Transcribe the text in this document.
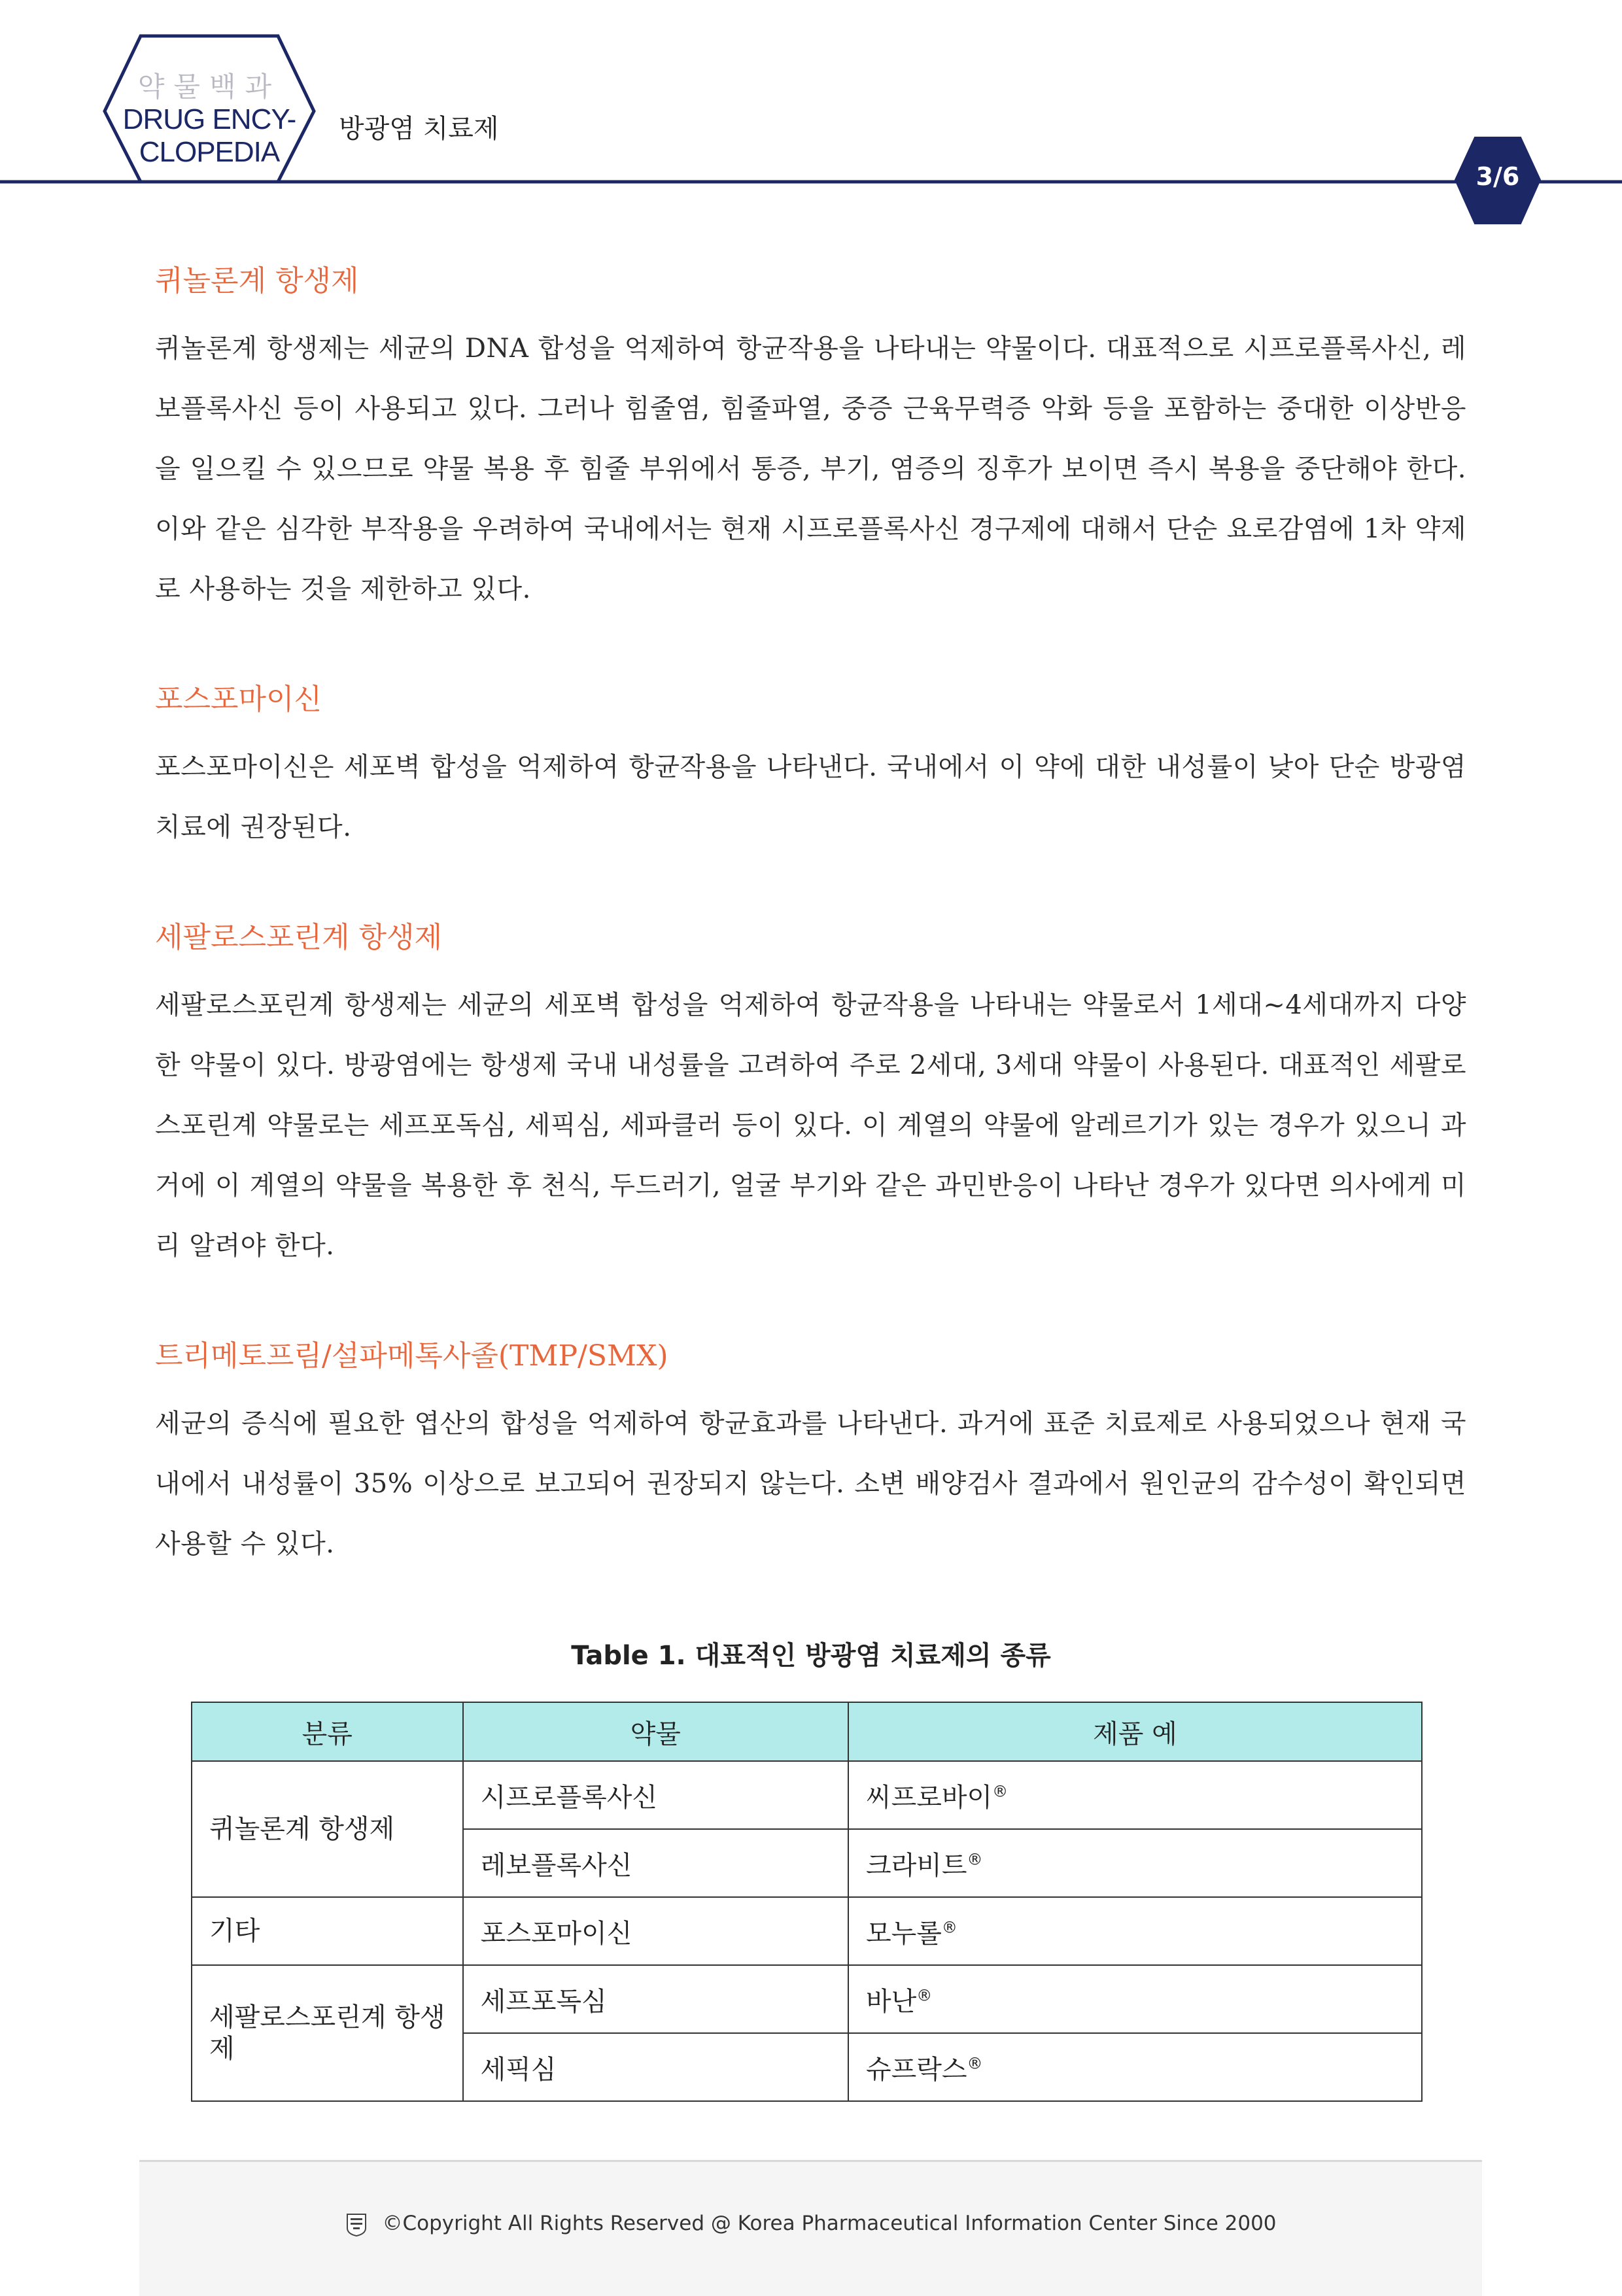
약물백과
DRUG ENCY-
CLOPEDIA
방광염 치료제
3/6
퀴놀론계 항생제

퀴놀론계 항생제는 세균의 DNA 합성을 억제하여 항균작용을 나타내는 약물이다. 대표적으로 시프로플록사신, 레보플록사신 등이 사용되고 있다. 그러나 힘줄염, 힘줄파열, 중증 근육무력증 악화 등을 포함하는 중대한 이상반응을 일으킬 수 있으므로 약물 복용 후 힘줄 부위에서 통증, 부기, 염증의 징후가 보이면 즉시 복용을 중단해야 한다. 이와 같은 심각한 부작용을 우려하여 국내에서는 현재 시프로플록사신 경구제에 대해서 단순 요로감염에 1차 약제로 사용하는 것을 제한하고 있다.

포스포마이신

포스포마이신은 세포벽 합성을 억제하여 항균작용을 나타낸다. 국내에서 이 약에 대한 내성률이 낮아 단순 방광염 치료에 권장된다.

세팔로스포린계 항생제

세팔로스포린계 항생제는 세균의 세포벽 합성을 억제하여 항균작용을 나타내는 약물로서 1세대~4세대까지 다양한 약물이 있다. 방광염에는 항생제 국내 내성률을 고려하여 주로 2세대, 3세대 약물이 사용된다. 대표적인 세팔로스포린계 약물로는 세프포독심, 세픽심, 세파클러 등이 있다. 이 계열의 약물에 알레르기가 있는 경우가 있으니 과거에 이 계열의 약물을 복용한 후 천식, 두드러기, 얼굴 부기와 같은 과민반응이 나타난 경우가 있다면 의사에게 미리 알려야 한다.

트리메토프림/설파메톡사졸(TMP/SMX)

세균의 증식에 필요한 엽산의 합성을 억제하여 항균효과를 나타낸다. 과거에 표준 치료제로 사용되었으나 현재 국내에서 내성률이 35% 이상으로 보고되어 권장되지 않는다. 소변 배양검사 결과에서 원인균의 감수성이 확인되면 사용할 수 있다.

Table 1. 대표적인 방광염 치료제의 종류
분류	약물	제품 예
퀴놀론계 항생제	시프로플록사신	씨프로바이®
	레보플록사신	크라비트®
기타	포스포마이신	모누롤®
세팔로스포린계 항생제	세프포독심	바난®
	세픽심	슈프락스®
©Copyright All Rights Reserved @ Korea Pharmaceutical Information Center Since 2000
